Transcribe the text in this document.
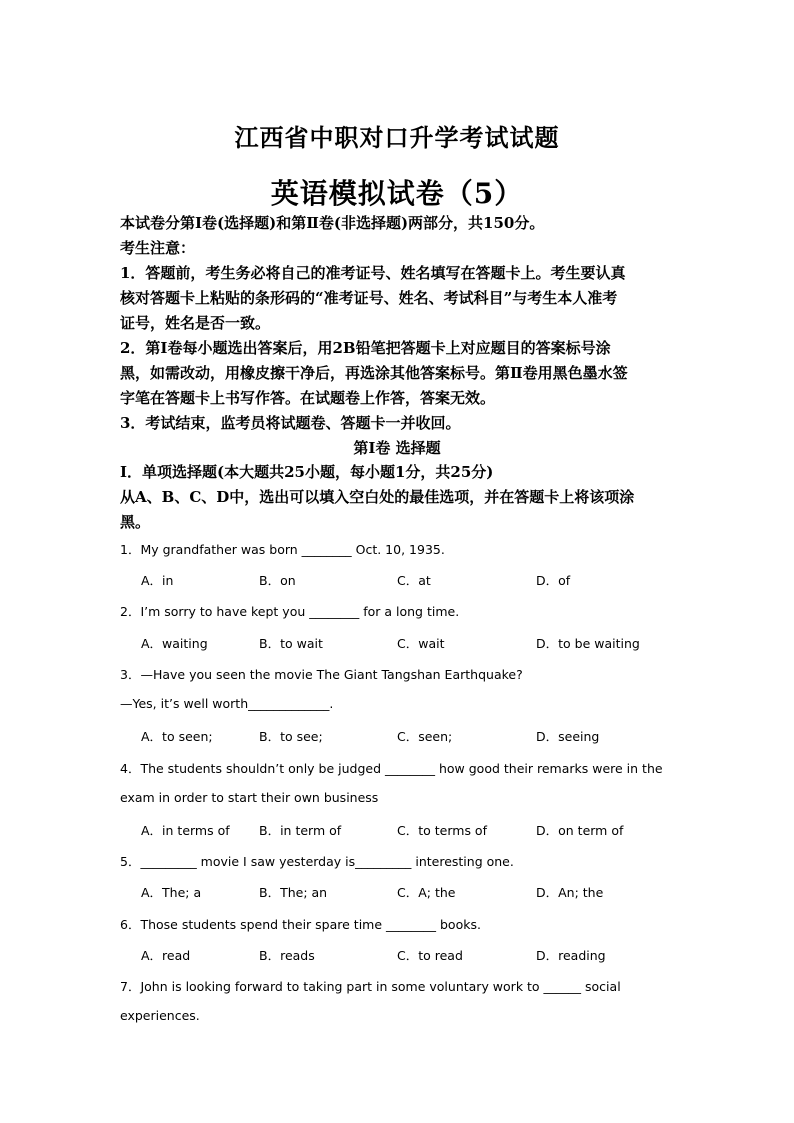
江西省中职对口升学考试试题
英语模拟试卷（5）
本试卷分第Ⅰ卷(选择题)和第Ⅱ卷(非选择题)两部分，共150分。
考生注意：
1．答题前，考生务必将自己的准考证号、姓名填写在答题卡上。考生要认真
核对答题卡上粘贴的条形码的“准考证号、姓名、考试科目”与考生本人准考
证号，姓名是否一致。
2．第Ⅰ卷每小题选出答案后，用2B铅笔把答题卡上对应题目的答案标号涂
黑，如需改动，用橡皮擦干净后，再选涂其他答案标号。第Ⅱ卷用黑色墨水签
字笔在答题卡上书写作答。在试题卷上作答，答案无效。
3．考试结束，监考员将试题卷、答题卡一并收回。
第Ⅰ卷 选择题
Ⅰ．单项选择题(本大题共25小题，每小题1分，共25分)
从A、B、C、D中，选出可以填入空白处的最佳选项，并在答题卡上将该项涂
黑。
1．My grandfather was born ________ Oct. 10, 1935.
A．in	B．on	C．at	D．of
2．I’m sorry to have kept you ________ for a long time.
A．waiting	B．to wait	C．wait	D．to be waiting
3．—Have you seen the movie The Giant Tangshan Earthquake?
—Yes, it’s well worth_____________.
A．to seen;	B．to see;	C．seen;	D．seeing
4．The students shouldn’t only be judged ________ how good their remarks were in the
exam in order to start their own business
A．in terms of B．in term of	C．to terms of	D．on term of
5．_________ movie I saw yesterday is_________ interesting one.
A．The; a	B．The; an	C．A; the	D．An; the
6．Those students spend their spare time ________ books.
A．read	B．reads	C．to read	D．reading
7．John is looking forward to taking part in some voluntary work to ______ social
experiences.
